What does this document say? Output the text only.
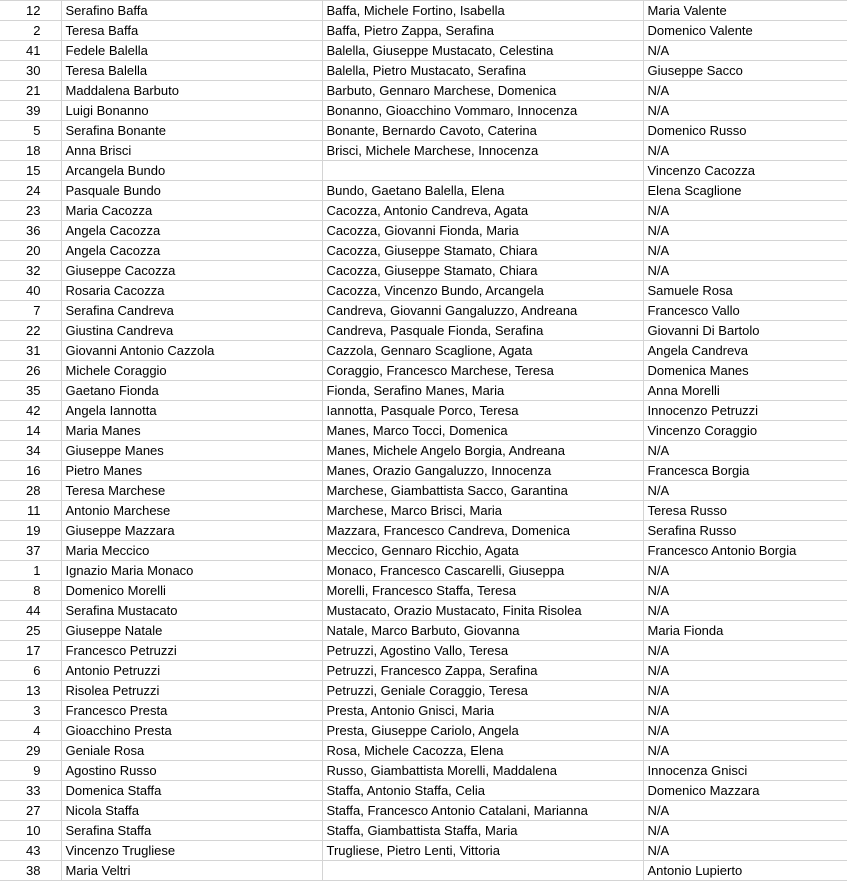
12	Serafino Baffa	Baffa, Michele Fortino, Isabella	Maria Valente
2	Teresa Baffa	Baffa, Pietro Zappa, Serafina	Domenico Valente
41	Fedele Balella	Balella, Giuseppe Mustacato, Celestina	N/A
30	Teresa Balella	Balella, Pietro Mustacato, Serafina	Giuseppe Sacco
21	Maddalena Barbuto	Barbuto, Gennaro Marchese, Domenica	N/A
39	Luigi Bonanno	Bonanno, Gioacchino Vommaro, Innocenza	N/A
5	Serafina Bonante	Bonante, Bernardo Cavoto, Caterina	Domenico Russo
18	Anna Brisci	Brisci, Michele Marchese, Innocenza	N/A
15	Arcangela Bundo		Vincenzo Cacozza
24	Pasquale Bundo	Bundo, Gaetano Balella, Elena	Elena Scaglione
23	Maria Cacozza	Cacozza, Antonio Candreva, Agata	N/A
36	Angela Cacozza	Cacozza, Giovanni Fionda, Maria	N/A
20	Angela Cacozza	Cacozza, Giuseppe Stamato, Chiara	N/A
32	Giuseppe Cacozza	Cacozza, Giuseppe Stamato, Chiara	N/A
40	Rosaria Cacozza	Cacozza, Vincenzo Bundo, Arcangela	Samuele Rosa
7	Serafina Candreva	Candreva, Giovanni Gangaluzzo, Andreana	Francesco Vallo
22	Giustina Candreva	Candreva, Pasquale Fionda, Serafina	Giovanni Di Bartolo
31	Giovanni Antonio Cazzola	Cazzola, Gennaro Scaglione, Agata	Angela Candreva
26	Michele Coraggio	Coraggio, Francesco Marchese, Teresa	Domenica Manes
35	Gaetano Fionda	Fionda, Serafino Manes, Maria	Anna Morelli
42	Angela Iannotta	Iannotta, Pasquale Porco, Teresa	Innocenzo Petruzzi
14	Maria Manes	Manes, Marco Tocci, Domenica	Vincenzo Coraggio
34	Giuseppe Manes	Manes, Michele Angelo Borgia, Andreana	N/A
16	Pietro Manes	Manes, Orazio Gangaluzzo, Innocenza	Francesca Borgia
28	Teresa Marchese	Marchese, Giambattista Sacco, Garantina	N/A
11	Antonio Marchese	Marchese, Marco Brisci, Maria	Teresa Russo
19	Giuseppe Mazzara	Mazzara, Francesco Candreva, Domenica	Serafina Russo
37	Maria Meccico	Meccico, Gennaro Ricchio, Agata	Francesco Antonio Borgia
1	Ignazio Maria Monaco	Monaco, Francesco Cascarelli, Giuseppa	N/A
8	Domenico Morelli	Morelli, Francesco Staffa, Teresa	N/A
44	Serafina Mustacato	Mustacato, Orazio Mustacato, Finita Risolea	N/A
25	Giuseppe Natale	Natale, Marco Barbuto, Giovanna	Maria Fionda
17	Francesco Petruzzi	Petruzzi, Agostino Vallo, Teresa	N/A
6	Antonio Petruzzi	Petruzzi, Francesco Zappa, Serafina	N/A
13	Risolea Petruzzi	Petruzzi, Geniale Coraggio, Teresa	N/A
3	Francesco Presta	Presta, Antonio Gnisci, Maria	N/A
4	Gioacchino Presta	Presta, Giuseppe Cariolo, Angela	N/A
29	Geniale Rosa	Rosa, Michele Cacozza, Elena	N/A
9	Agostino Russo	Russo, Giambattista Morelli, Maddalena	Innocenza Gnisci
33	Domenica Staffa	Staffa, Antonio Staffa, Celia	Domenico Mazzara
27	Nicola Staffa	Staffa, Francesco Antonio Catalani, Marianna	N/A
10	Serafina Staffa	Staffa, Giambattista Staffa, Maria	N/A
43	Vincenzo Trugliese	Trugliese, Pietro Lenti, Vittoria	N/A
38	Maria Veltri		Antonio Lupierto
